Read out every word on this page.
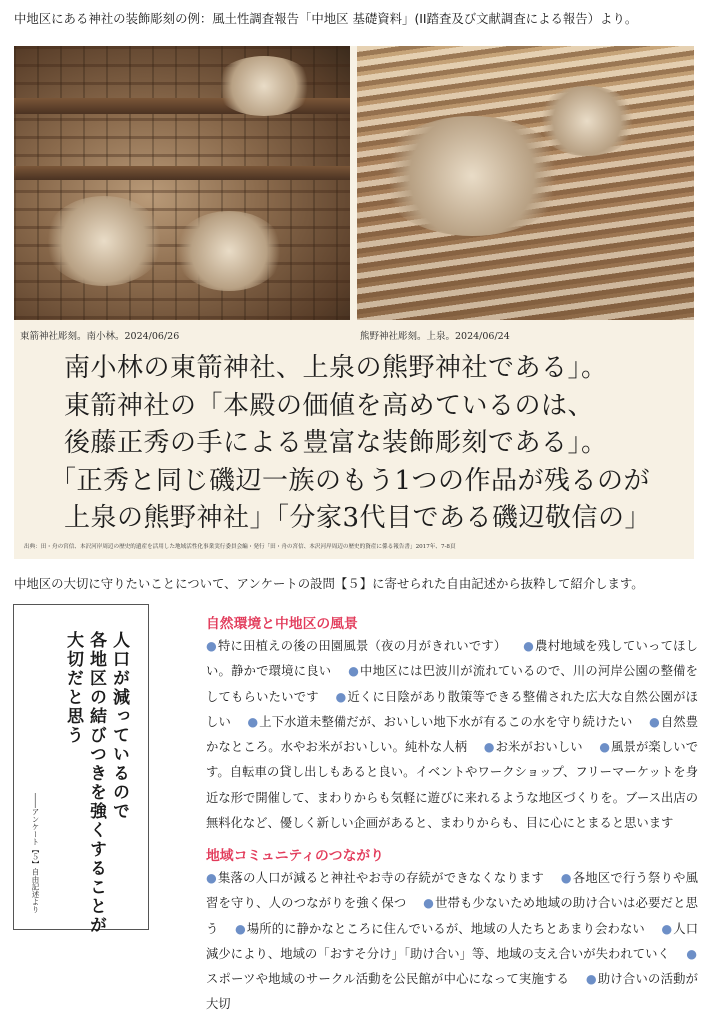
中地区にある神社の装飾彫刻の例：風土性調査報告「中地区 基礎資料」(II踏査及び文献調査による報告）より。
東箭神社彫刻。南小林。2024/06/26	熊野神社彫刻。上泉。2024/06/24
南小林の東箭神社、上泉の熊野神社である」。
東箭神社の「本殿の価値を高めているのは、
後藤正秀の手による豊富な装飾彫刻である」。
「正秀と同じ磯辺一族のもう1つの作品が残るのが
上泉の熊野神社」「分家3代目である磯辺敬信の」
出典：田・舟の宮信、本沢河岸周辺の歴史的遺産を活用した地域活性化事業実行委員会編・発行「田・舟の宮信、本沢河岸周辺の歴史的資産に係る報告書」2017年、7-8頁
中地区の大切に守りたいことについて、アンケートの設問【５】に寄せられた自由記述から抜粋して紹介します。
人口が減っているので
各地区の結びつきを強くすることが
大切だと思う
――アンケート【５】自由記述より
自然環境と中地区の風景
●特に田植えの後の田園風景（夜の月がきれいです） ●農村地域を残していってほしい。静かで環境に良い ●中地区には巴波川が流れているので、川の河岸公園の整備をしてもらいたいです ●近くに日陰があり散策等できる整備された広大な自然公園がほしい ●上下水道未整備だが、おいしい地下水が有るこの水を守り続けたい ●自然豊かなところ。水やお米がおいしい。純朴な人柄 ●お米がおいしい ●風景が楽しいです。自転車の貸し出しもあると良い。イベントやワークショップ、フリーマーケットを身近な形で開催して、まわりからも気軽に遊びに来れるような地区づくりを。ブース出店の無料化など、優しく新しい企画があると、まわりからも、目に心にとまると思います
地域コミュニティのつながり
●集落の人口が減ると神社やお寺の存続ができなくなります ●各地区で行う祭りや風習を守り、人のつながりを強く保つ ●世帯も少ないため地域の助け合いは必要だと思う ●場所的に静かなところに住んでいるが、地域の人たちとあまり会わない ●人口減少により、地域の「おすそ分け」「助け合い」等、地域の支え合いが失われていく ●スポーツや地域のサークル活動を公民館が中心になって実施する ●助け合いの活動が大切
